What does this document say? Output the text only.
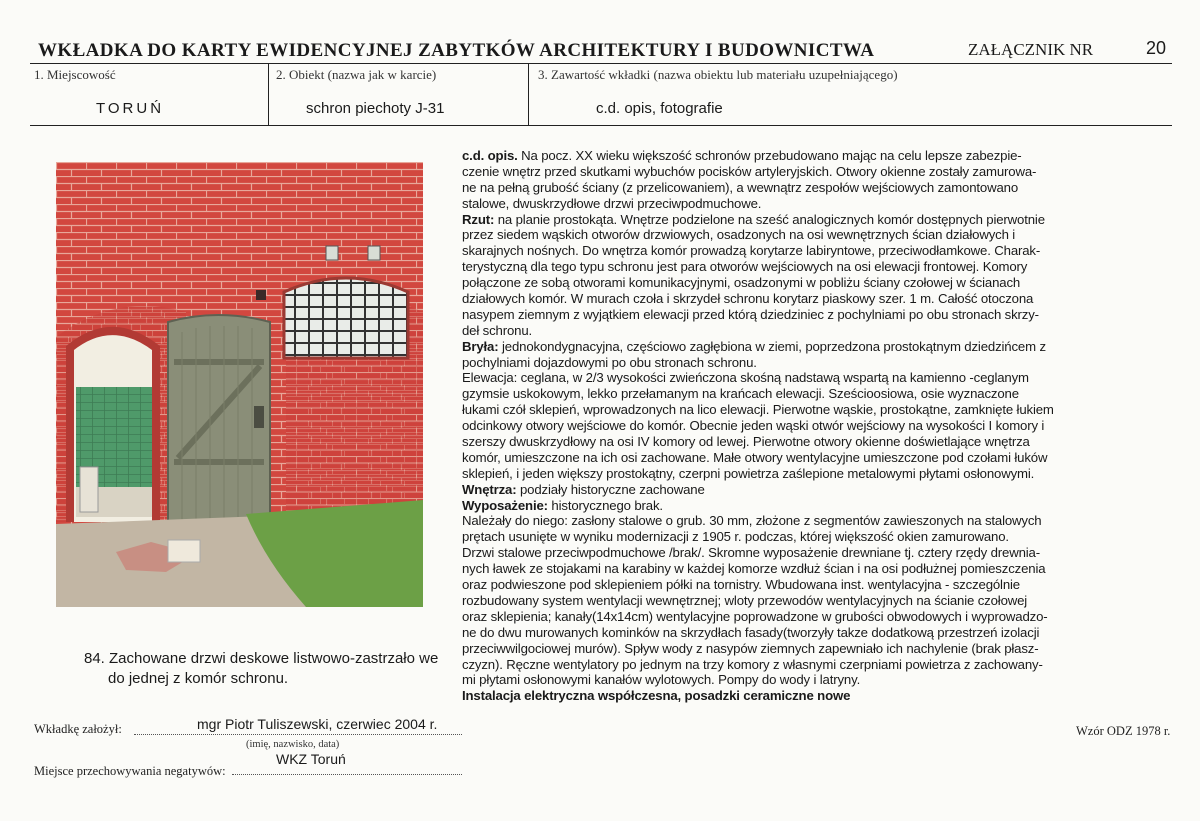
WKŁADKA DO KARTY EWIDENCYJNEJ ZABYTKÓW ARCHITEKTURY I BUDOWNICTWA	ZAŁĄCZNIK NR	20
1. Miejscowość
TORUŃ
2. Obiekt (nazwa jak w karcie)
schron piechoty J-31
3. Zawartość wkładki (nazwa obiektu lub materiału uzupełniającego)
c.d. opis, fotografie
84. Zachowane drzwi deskowe listwowo-zastrzało we
do jednej z komór schronu.
c.d. opis. Na pocz. XX wieku większość schronów przebudowano mając na celu lepsze zabezpie-
czenie wnętrz przed skutkami wybuchów pocisków artyleryjskich. Otwory okienne zostały zamurowa-
ne na pełną grubość ściany (z przelicowaniem), a wewnątrz zespołów wejściowych zamontowano
stalowe, dwuskrzydłowe drzwi przeciwpodmuchowe.
Rzut: na planie prostokąta. Wnętrze podzielone na sześć analogicznych komór dostępnych pierwotnie
przez siedem wąskich otworów drzwiowych, osadzonych na osi wewnętrznych ścian działowych i
skarajnych nośnych. Do wnętrza komór prowadzą korytarze labiryntowe, przeciwodłamkowe. Charak-
terystyczną dla tego typu schronu jest para otworów wejściowych na osi elewacji frontowej. Komory
połączone ze sobą otworami komunikacyjnymi, osadzonymi w pobliżu ściany czołowej w ścianach
działowych komór. W murach czoła i skrzydeł schronu korytarz piaskowy szer. 1 m. Całość otoczona
nasypem ziemnym z wyjątkiem elewacji przed którą dziedziniec z pochylniami po obu stronach skrzy-
deł schronu.
Bryła: jednokondygnacyjna, częściowo zagłębiona w ziemi, poprzedzona prostokątnym dziedzińcem z
pochylniami dojazdowymi po obu stronach schronu.
Elewacja: ceglana, w 2/3 wysokości zwieńczona skośną nadstawą wspartą na kamienno -ceglanym
gzymsie uskokowym, lekko przełamanym na krańcach elewacji. Sześcioosiowa, osie wyznaczone
łukami czół sklepień, wprowadzonych na lico elewacji. Pierwotne wąskie, prostokątne, zamknięte łukiem
odcinkowy otwory wejściowe do komór. Obecnie jeden wąski otwór wejściowy na wysokości I komory i
szerszy dwuskrzydłowy na osi IV komory od lewej. Pierwotne otwory okienne doświetlające wnętrza
komór, umieszczone na ich osi zachowane. Małe otwory wentylacyjne umieszczone pod czołami łuków
sklepień, i jeden większy prostokątny, czerpni powietrza zaślepione metalowymi płytami osłonowymi.
Wnętrza: podziały historyczne zachowane
Wyposażenie: historycznego brak.
Należały do niego: zasłony stalowe o grub. 30 mm, złożone z segmentów zawieszonych na stalowych
prętach usunięte w wyniku modernizacji z 1905 r. podczas, której większość okien zamurowano.
Drzwi stalowe przeciwpodmuchowe /brak/. Skromne wyposażenie drewniane tj. cztery rzędy drewnia-
nych ławek ze stojakami na karabiny w każdej komorze wzdłuż ścian i na osi podłużnej pomieszczenia
oraz podwieszone pod sklepieniem półki na tornistry. Wbudowana inst. wentylacyjna - szczególnie
rozbudowany system wentylacji wewnętrznej; wloty przewodów wentylacyjnych na ścianie czołowej
oraz sklepienia; kanały(14x14cm) wentylacyjne poprowadzone w grubości obwodowych i wyprowadzo-
ne do dwu murowanych kominków na skrzydłach fasady(tworzyły takze dodatkową przestrzeń izolacji
przeciwwilgociowej murów). Spływ wody z nasypów ziemnych zapewniało ich nachylenie (brak płasz-
czyzn). Ręczne wentylatory po jednym na trzy komory z własnymi czerpniami powietrza z zachowany-
mi płytami osłonowymi kanałów wylotowych. Pompy do wody i latryny.
Instalacja elektryczna współczesna, posadzki ceramiczne nowe
Wkładkę założył:	mgr Piotr Tuliszewski, czerwiec 2004 r.
(imię, nazwisko, data)
WKZ Toruń
Miejsce przechowywania negatywów:
Wzór ODZ 1978 r.
